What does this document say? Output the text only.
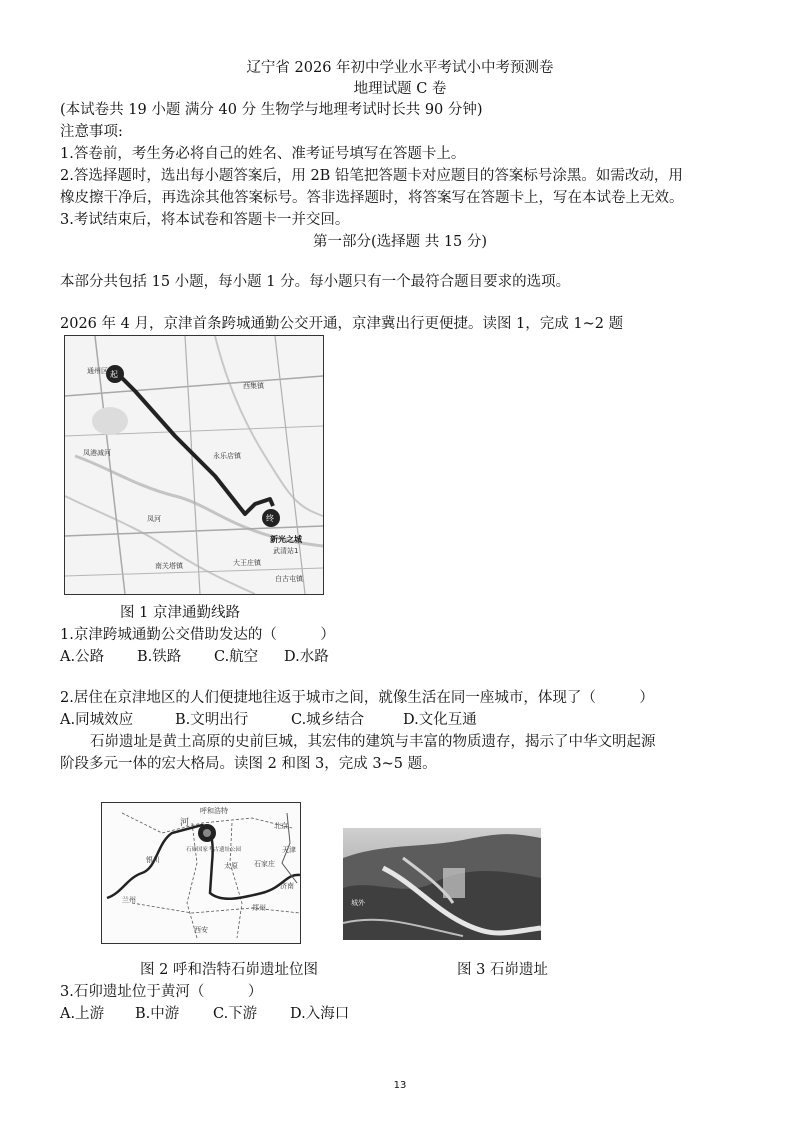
辽宁省 2026 年初中学业水平考试小中考预测卷
地理试题 C 卷
(本试卷共 19 小题 满分 40 分 生物学与地理考试时长共 90 分钟)
注意事项:
1.答卷前，考生务必将自己的姓名、准考证号填写在答题卡上。
2.答选择题时，选出每小题答案后，用 2B 铅笔把答题卡对应题目的答案标号涂黑。如需改动，用
橡皮擦干净后，再选涂其他答案标号。答非选择题时，将答案写在答题卡上，写在本试卷上无效。
3.考试结束后，将本试卷和答题卡一并交回。
第一部分(选择题 共 15 分)
本部分共包括 15 小题，每小题 1 分。每小题只有一个最符合题目要求的选项。
2026 年 4 月，京津首条跨城通勤公交开通，京津冀出行更便捷。读图 1，完成 1~2 题
起
终
新光之城
武清站1
西集镇
永乐店镇
凤港减河
南关塔镇	大王庄镇
白古屯镇
凤河
通州区
图 1 京津通勤线路
1.京津跨城通勤公交借助发达的（　　　）
A.公路 B.铁路 C.航空 D.水路
2.居住在京津地区的人们便捷地往返于城市之间，就像生活在同一座城市，体现了（　　　）
A.同城效应	B.文明出行	C.城乡结合	D.文化互通
石峁遗址是黄土高原的史前巨城，其宏伟的建筑与丰富的物质遗存，揭示了中华文明起源
阶段多元一体的宏大格局。读图 2 和图 3，完成 3~5 题。
呼和浩特
北京
天津
太原 石家庄
济南
郑州
西安
兰州
银川
石峁国家考古遗址公园
河
图 2 呼和浩特石峁遗址位图
城外
图 3 石峁遗址
3.石卯遗址位于黄河（　　　）
A.上游 B.中游 C.下游 D.入海口
13
